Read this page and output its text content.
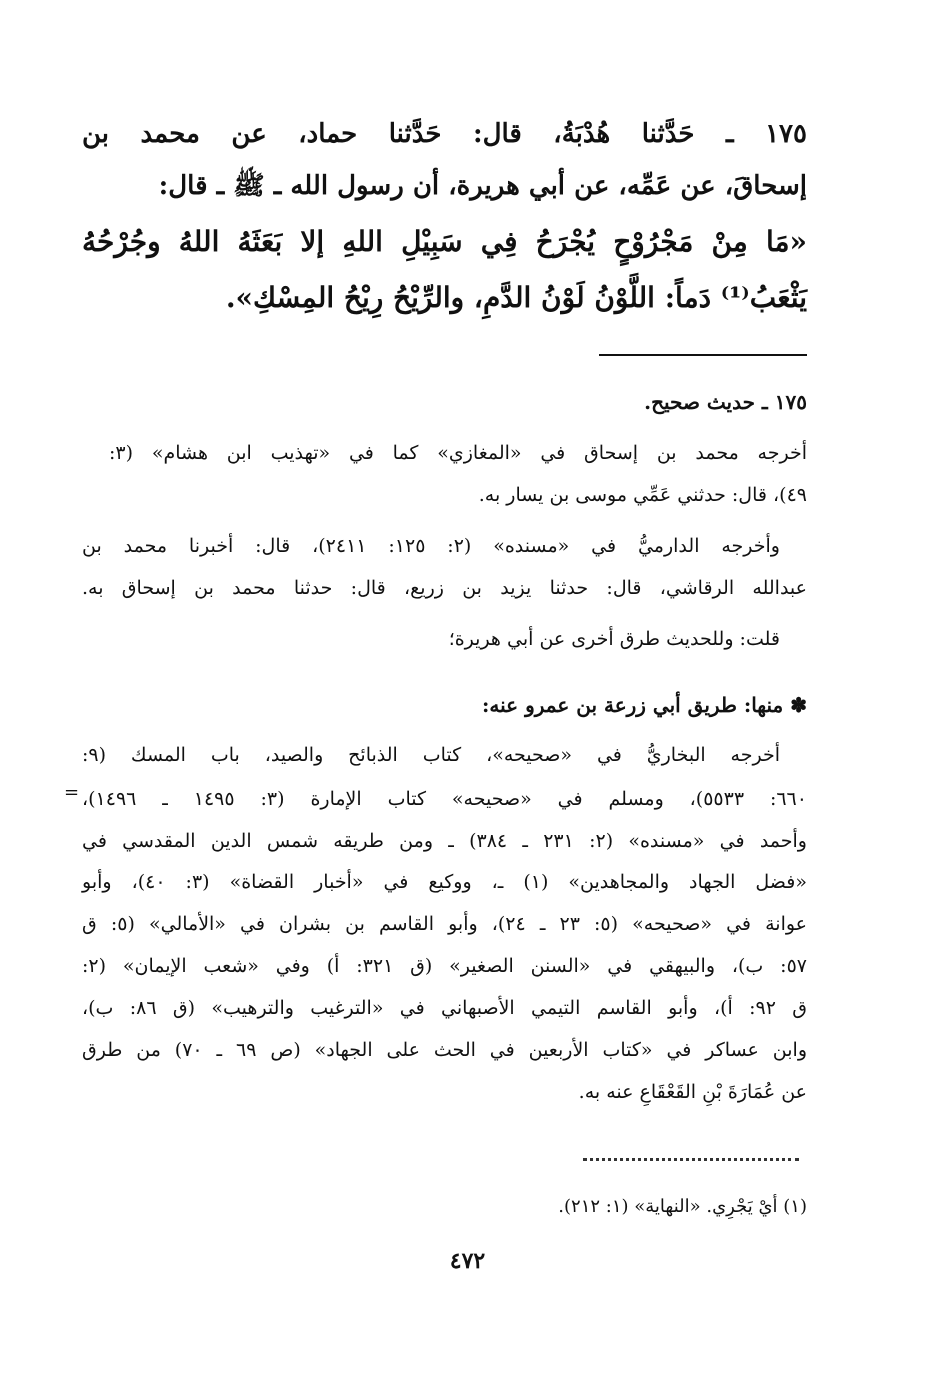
١٧٥ ـ حَدَّثنا هُدْبَةُ، قال: حَدَّثنا حماد، عن محمد بن
إسحاقَ، عن عَمِّه، عن أبي هريرة، أن رسول الله ـ ﷺ ـ قال:
«مَا مِنْ مَجْرُوْحٍ يُجْرَحُ فِي سَبِيْلِ اللهِ إلا بَعَثَهُ اللهُ وجُرْحُهُ
يَثْعَبُ⁽¹⁾ دَماً: اللَّوْنُ لَوْنُ الدَّمِ، والرِّيْحُ رِيْحُ المِسْكِ».
١٧٥ ـ حديث صحيح.
أخرجه محمد بن إسحاق في «المغازي» كما في «تهذيب ابن هشام» (٣:
٤٩)، قال: حدثني عَمِّي موسى بن يسار به.
وأخرجه الدارميُّ في «مسنده» (٢: ١٢٥: ٢٤١١)، قال: أخبرنا محمد بن
عبدالله الرقاشي، قال: حدثنا يزيد بن زريع، قال: حدثنا محمد بن إسحاق به.
قلت: وللحديث طرق أخرى عن أبي هريرة؛
✽ منها: طريق أبي زرعة بن عمرو عنه:
أخرجه البخاريُّ في «صحيحه»، كتاب الذبائح والصيد، باب المسك (٩:
٦٦٠: ٥٥٣٣)، ومسلم في «صحيحه» كتاب الإمارة (٣: ١٤٩٥ ـ ١٤٩٦)،
وأحمد في «مسنده» (٢: ٢٣١ ـ ٣٨٤) ـ ومن طريقه شمس الدين المقدسي في
«فضل الجهاد والمجاهدين» (١) ـ، ووكيع في «أخبار القضاة» (٣: ٤٠)، وأبو
عوانة في «صحيحه» (٥: ٢٣ ـ ٢٤)، وأبو القاسم بن بشران في «الأمالي» (٥: ق
٥٧: ب)، والبيهقي في «السنن الصغير» (ق ٣٢١: أ) وفي «شعب الإيمان» (٢:
ق ٩٢: أ)، وأبو القاسم التيمي الأصبهاني في «الترغيب والترهيب» (ق ٨٦: ب)،
وابن عساكر في «كتاب الأربعين في الحث على الجهاد» (ص ٦٩ ـ ٧٠) من طرق
عن عُمَارَةَ بْنِ القَعْقَاعِ عنه به.
=
(١) أيْ يَجْرِي. «النهاية» (١: ٢١٢).
٤٧٢
